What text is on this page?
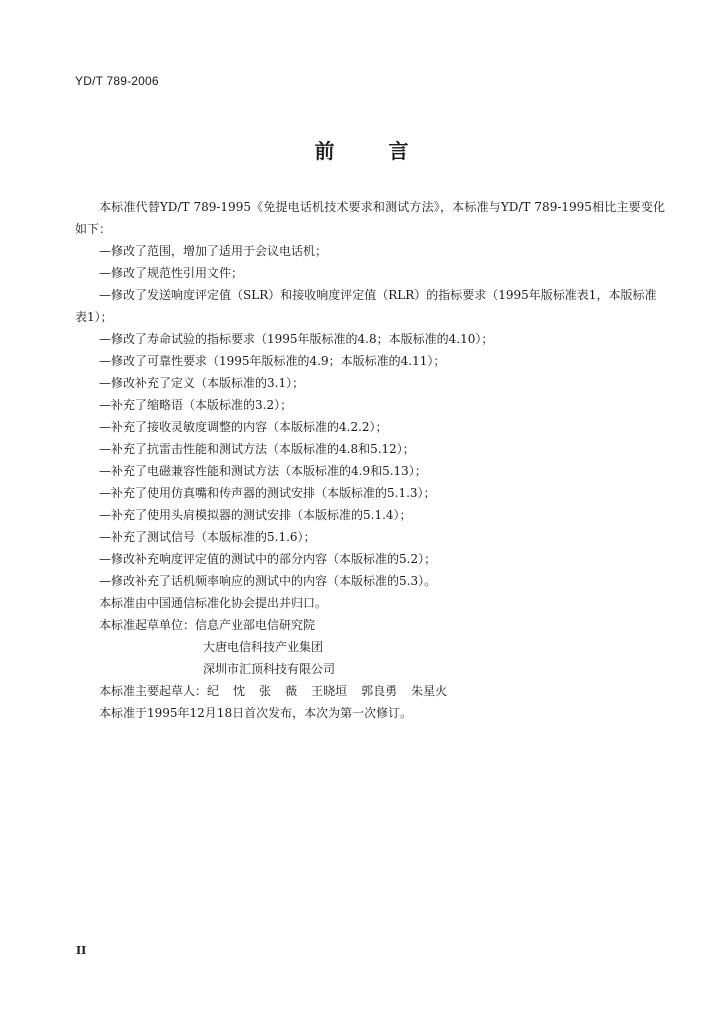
YD/T 789-2006
前	言

本标准代替YD/T 789-1995《免提电话机技术要求和测试方法》，本标准与YD/T 789-1995相比主要变化如下：

—修改了范围，增加了适用于会议电话机；

—修改了规范性引用文件；

—修改了发送响度评定值（SLR）和接收响度评定值（RLR）的指标要求（1995年版标准表1，本版标准表1）；

—修改了寿命试验的指标要求（1995年版标准的4.8；本版标准的4.10）；

—修改了可靠性要求（1995年版标准的4.9；本版标准的4.11）；

—修改补充了定义（本版标准的3.1）；

—补充了缩略语（本版标准的3.2）；

—补充了接收灵敏度调整的内容（本版标准的4.2.2）；

—补充了抗雷击性能和测试方法（本版标准的4.8和5.12）；

—补充了电磁兼容性能和测试方法（本版标准的4.9和5.13）；

—补充了使用仿真嘴和传声器的测试安排（本版标准的5.1.3）；

—补充了使用头肩模拟器的测试安排（本版标准的5.1.4）；

—补充了测试信号（本版标准的5.1.6）；

—修改补充响度评定值的测试中的部分内容（本版标准的5.2）；

—修改补充了话机频率响应的测试中的内容（本版标准的5.3）。

本标准由中国通信标准化协会提出并归口。

本标准起草单位：信息产业部电信研究院

大唐电信科技产业集团

深圳市汇顶科技有限公司

本标准主要起草人：纪 忱 张 薇 王晓垣 郭良勇 朱星火

本标准于1995年12月18日首次发布，本次为第一次修订。

II
